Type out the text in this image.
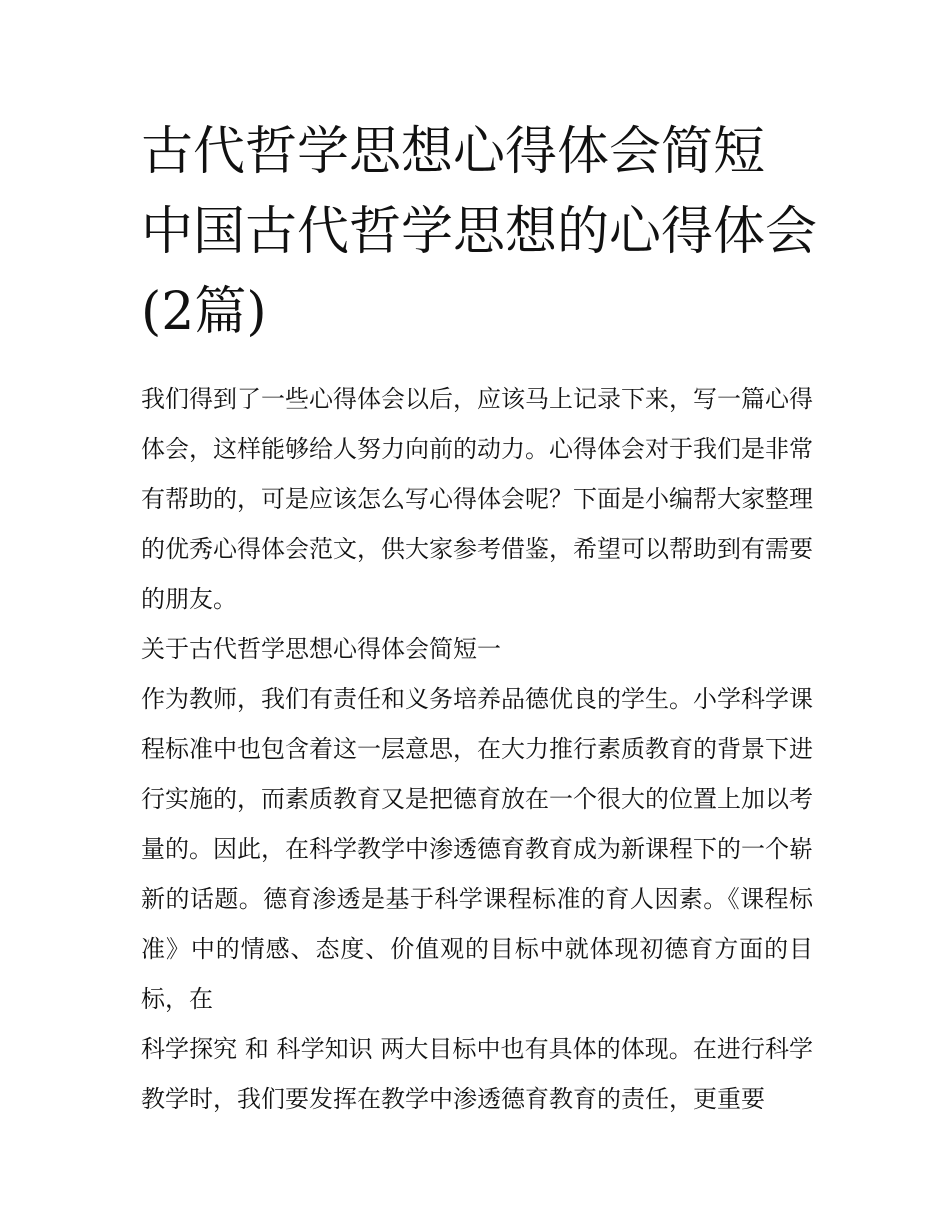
古代哲学思想心得体会简短 中国古代哲学思想的心得体会(2篇)

我们得到了一些心得体会以后，应该马上记录下来，写一篇心得体会，这样能够给人努力向前的动力。心得体会对于我们是非常有帮助的，可是应该怎么写心得体会呢？下面是小编帮大家整理的优秀心得体会范文，供大家参考借鉴，希望可以帮助到有需要的朋友。

关于古代哲学思想心得体会简短一

作为教师，我们有责任和义务培养品德优良的学生。小学科学课程标准中也包含着这一层意思，在大力推行素质教育的背景下进行实施的，而素质教育又是把德育放在一个很大的位置上加以考量的。因此，在科学教学中渗透德育教育成为新课程下的一个崭新的话题。德育渗透是基于科学课程标准的育人因素。《课程标准》中的情感、态度、价值观的目标中就体现初德育方面的目标，在

科学探究 和 科学知识 两大目标中也有具体的体现。在进行科学教学时，我们要发挥在教学中渗透德育教育的责任，更重要
